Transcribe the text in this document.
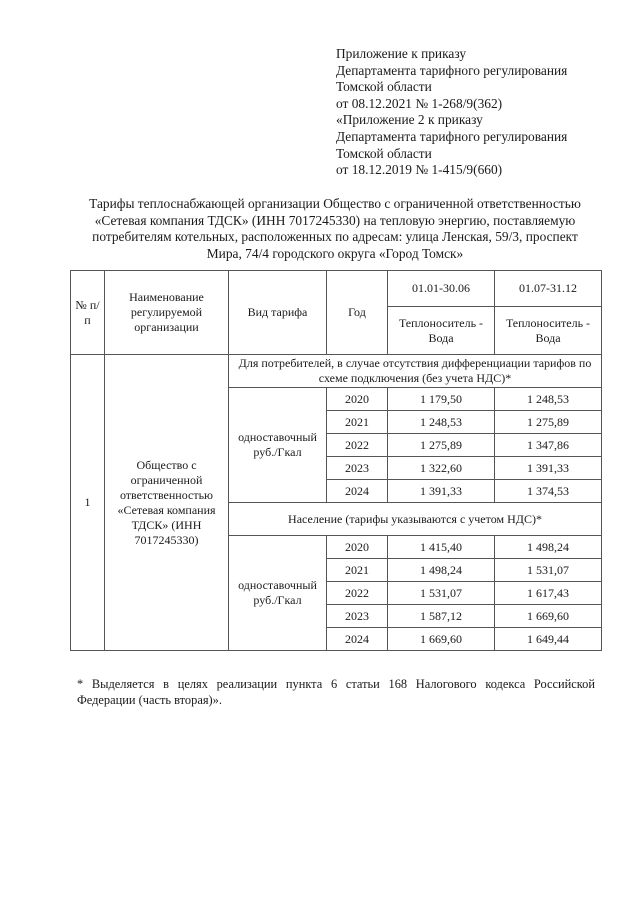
Приложение к приказу
Департамента тарифного регулирования
Томской области
от 08.12.2021 № 1-268/9(362)
«Приложение 2 к приказу
Департамента тарифного регулирования
Томской области
от 18.12.2019 № 1-415/9(660)
Тарифы теплоснабжающей организации Общество с ограниченной ответственностью
«Сетевая компания ТДСК» (ИНН 7017245330) на тепловую энергию, поставляемую
потребителям котельных, расположенных по адресам: улица Ленская, 59/3, проспект
Мира, 74/4 городского округа «Город Томск»
№ п/п	Наименование регулируемой организации	Вид тарифа	Год	01.01-30.06	01.07-31.12
				Теплоноситель - Вода	Теплоноситель - Вода
1	Общество с ограниченной ответственностью «Сетевая компания ТДСК» (ИНН 7017245330)	Для потребителей, в случае отсутствия дифференциации тарифов по схеме подключения (без учета НДС)*			
		одноставочный руб./Гкал	2020	1 179,50	1 248,53
			2021	1 248,53	1 275,89
			2022	1 275,89	1 347,86
			2023	1 322,60	1 391,33
			2024	1 391,33	1 374,53
		Население (тарифы указываются с учетом НДС)*			
		одноставочный руб./Гкал	2020	1 415,40	1 498,24
			2021	1 498,24	1 531,07
			2022	1 531,07	1 617,43
			2023	1 587,12	1 669,60
			2024	1 669,60	1 649,44
* Выделяется в целях реализации пункта 6 статьи 168 Налогового кодекса Российской
Федерации (часть вторая)».
